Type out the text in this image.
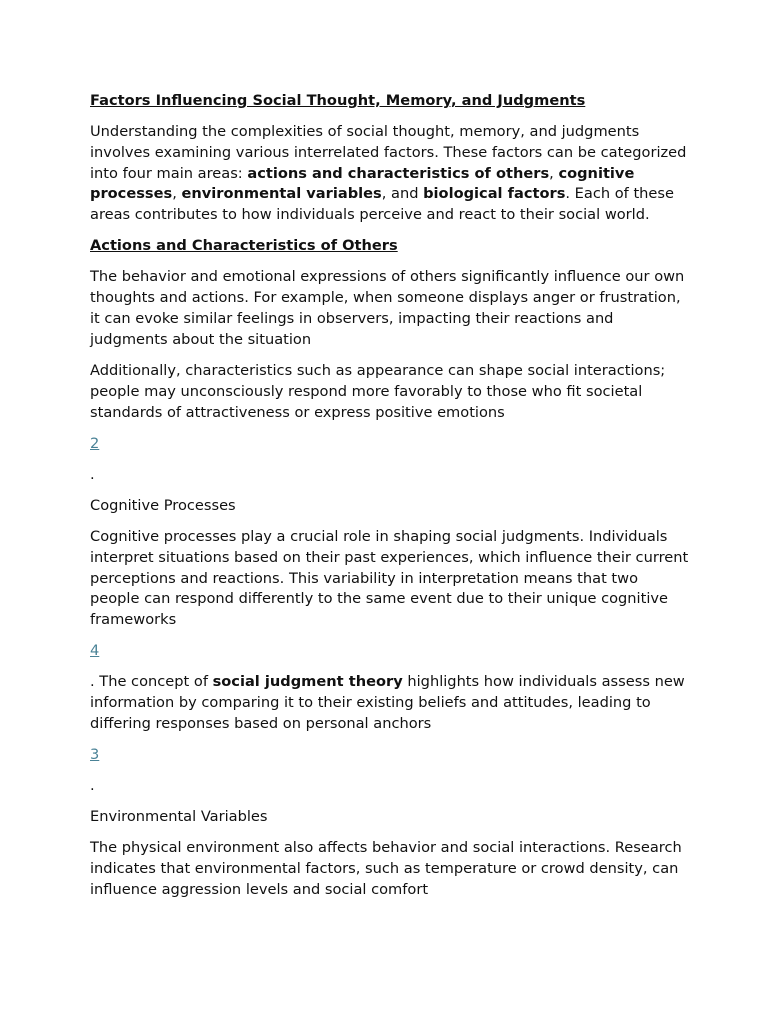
Factors Influencing Social Thought, Memory, and Judgments

Understanding the complexities of social thought, memory, and judgments involves examining various interrelated factors. These factors can be categorized into four main areas: actions and characteristics of others, cognitive processes, environmental variables, and biological factors. Each of these areas contributes to how individuals perceive and react to their social world.

Actions and Characteristics of Others

The behavior and emotional expressions of others significantly influence our own thoughts and actions. For example, when someone displays anger or frustration, it can evoke similar feelings in observers, impacting their reactions and judgments about the situation

Additionally, characteristics such as appearance can shape social interactions; people may unconsciously respond more favorably to those who fit societal standards of attractiveness or express positive emotions

2

.

Cognitive Processes

Cognitive processes play a crucial role in shaping social judgments. Individuals interpret situations based on their past experiences, which influence their current perceptions and reactions. This variability in interpretation means that two people can respond differently to the same event due to their unique cognitive frameworks

4

. The concept of social judgment theory highlights how individuals assess new information by comparing it to their existing beliefs and attitudes, leading to differing responses based on personal anchors

3

.

Environmental Variables

The physical environment also affects behavior and social interactions. Research indicates that environmental factors, such as temperature or crowd density, can influence aggression levels and social comfort
